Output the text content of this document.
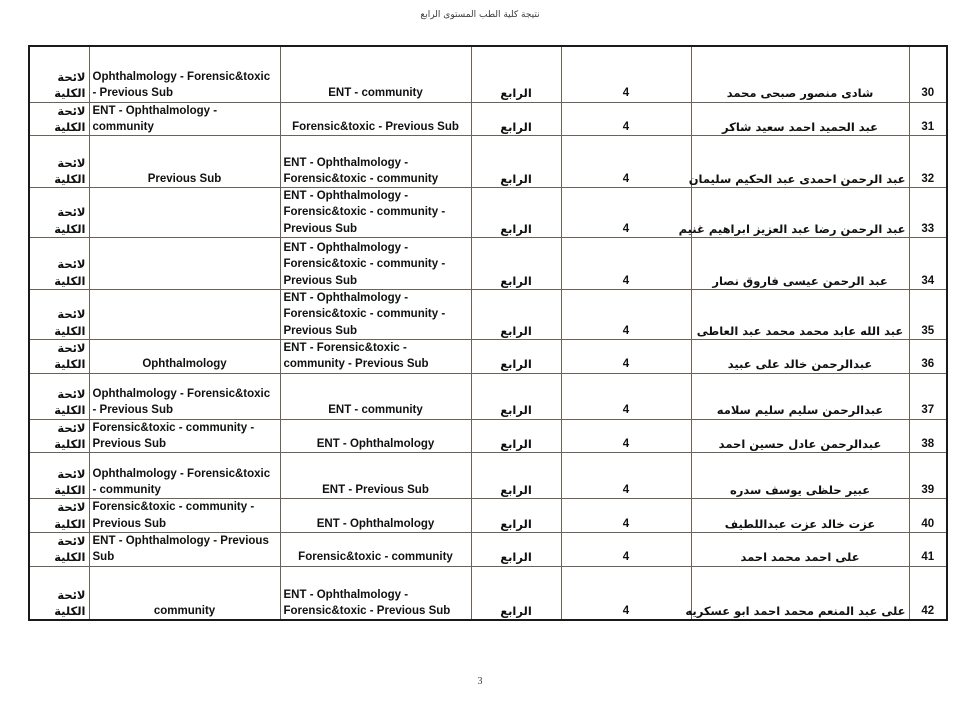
نتيجة كلية الطب المستوى الرابع
لائحة الكلية	Ophthalmology - Forensic&toxic - Previous Sub	ENT - community	الرابع	4	شادى منصور صبحى محمد	30
لائحة الكلية	ENT - Ophthalmology - community	Forensic&toxic - Previous Sub	الرابع	4	عبد الحميد احمد سعيد شاكر	31
لائحة الكلية	Previous Sub	ENT - Ophthalmology - Forensic&toxic - community	الرابع	4	عبد الرحمن احمدى عبد الحكيم سليمان	32
لائحة الكلية		ENT - Ophthalmology - Forensic&toxic - community - Previous Sub	الرابع	4	عبد الرحمن رضا عبد العزيز ابراهيم غنيم	33
لائحة الكلية		ENT - Ophthalmology - Forensic&toxic - community - Previous Sub	الرابع	4	عبد الرحمن عيسى فاروق نصار	34
لائحة الكلية		ENT - Ophthalmology - Forensic&toxic - community - Previous Sub	الرابع	4	عبد الله عابد محمد محمد عبد العاطى	35
لائحة الكلية	Ophthalmology	ENT - Forensic&toxic - community - Previous Sub	الرابع	4	عبدالرحمن خالد على عبيد	36
لائحة الكلية	Ophthalmology - Forensic&toxic - Previous Sub	ENT - community	الرابع	4	عبدالرحمن سليم سليم سلامه	37
لائحة الكلية	Forensic&toxic - community - Previous Sub	ENT - Ophthalmology	الرابع	4	عبدالرحمن عادل حسين احمد	38
لائحة الكلية	Ophthalmology - Forensic&toxic - community	ENT - Previous Sub	الرابع	4	عبير حلظى يوسف سدره	39
لائحة الكلية	Forensic&toxic - community - Previous Sub	ENT - Ophthalmology	الرابع	4	عزت خالد عزت عبداللطيف	40
لائحة الكلية	ENT - Ophthalmology - Previous Sub	Forensic&toxic - community	الرابع	4	على احمد محمد احمد	41
لائحة الكلية	community	ENT - Ophthalmology - Forensic&toxic - Previous Sub	الرابع	4	على عبد المنعم محمد احمد ابو عسكريه	42
3
